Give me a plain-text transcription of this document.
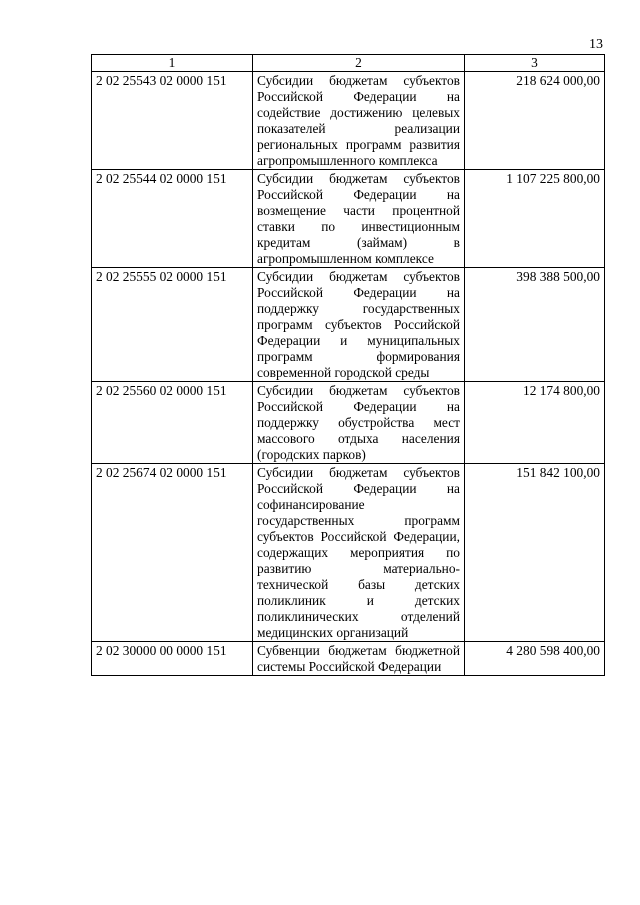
13
1	2	3
2 02 25543 02 0000 151	Субсидии бюджетам субъектов Российской Федерации на содействие достижению целевых показателей реализации региональных программ развития агропромышленного комплекса	218 624 000,00
2 02 25544 02 0000 151	Субсидии бюджетам субъектов Российской Федерации на возмещение части процентной ставки по инвестиционным кредитам (займам) в агропромышленном комплексе	1 107 225 800,00
2 02 25555 02 0000 151	Субсидии бюджетам субъектов Российской Федерации на поддержку государственных программ субъектов Российской Федерации и муниципальных программ формирования современной городской среды	398 388 500,00
2 02 25560 02 0000 151	Субсидии бюджетам субъектов Российской Федерации на поддержку обустройства мест массового отдыха населения (городских парков)	12 174 800,00
2 02 25674 02 0000 151	Субсидии бюджетам субъектов Российской Федерации на софинансирование государственных программ субъектов Российской Федерации, содержащих мероприятия по развитию материально-технической базы детских поликлиник и детских поликлинических отделений медицинских организаций	151 842 100,00
2 02 30000 00 0000 151	Субвенции бюджетам бюджетной системы Российской Федерации	4 280 598 400,00
